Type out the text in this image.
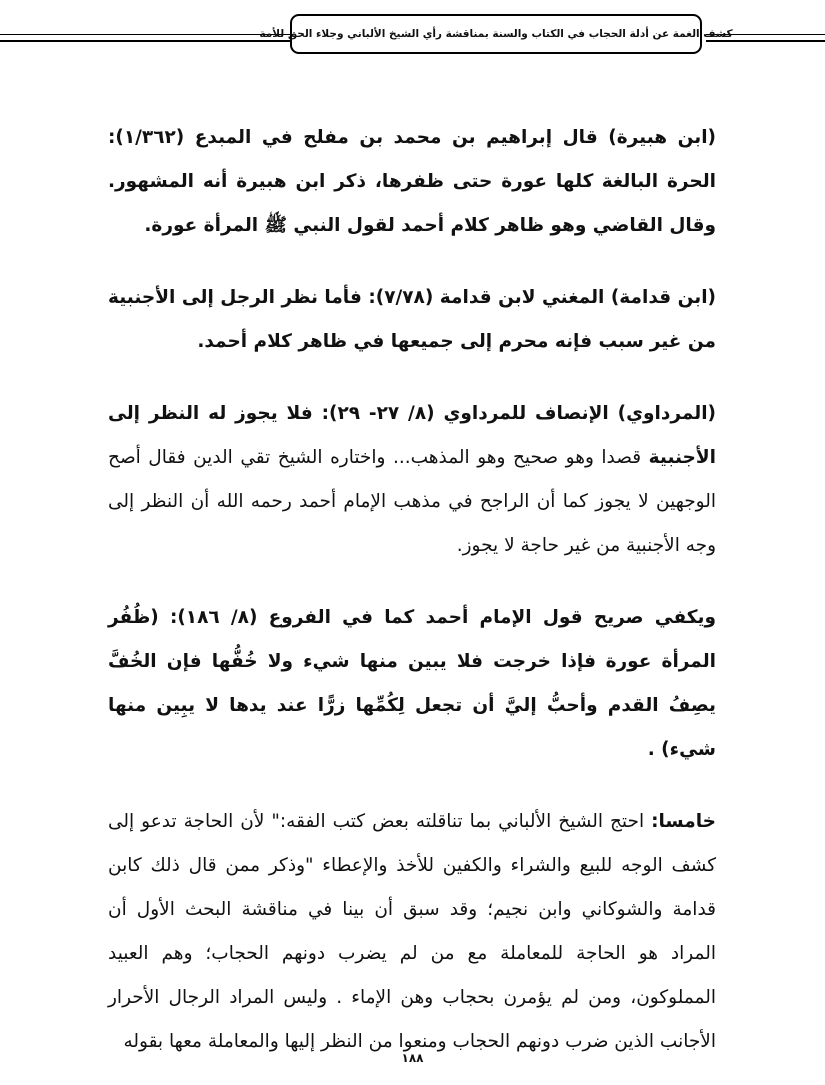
كشف الغمة عن أدلة الحجاب في الكتاب والسنة بمناقشة رأي الشيخ الألباني وجلاء الحق للأمة

(ابن هبيرة) قال إبراهيم بن محمد بن مفلح في المبدع (١/٣٦٢): الحرة البالغة كلها عورة حتى ظفرها، ذكر ابن هبيرة أنه المشهور. وقال القاضي وهو ظاهر كلام أحمد لقول النبي ﷺ المرأة عورة.

(ابن قدامة) المغني لابن قدامة (٧/٧٨): فأما نظر الرجل إلى الأجنبية من غير سبب فإنه محرم إلى جميعها في ظاهر كلام أحمد.

(المرداوي) الإنصاف للمرداوي (٨/ ٢٧- ٢٩): فلا يجوز له النظر إلى الأجنبية قصدا وهو صحيح وهو المذهب... واختاره الشيخ تقي الدين فقال أصح الوجهين لا يجوز كما أن الراجح في مذهب الإمام أحمد رحمه الله أن النظر إلى وجه الأجنبية من غير حاجة لا يجوز.

ويكفي صريح قول الإمام أحمد كما في الفروع (٨/ ١٨٦): (ظُفُر المرأة عورة فإذا خرجت فلا يبين منها شيء ولا خُفُّها فإن الخُفَّ يصِفُ القدم وأحبُّ إليَّ أن تجعل لِكُمِّها زرًّا عند يدها لا يبِين منها شيء) .

خامسا: احتج الشيخ الألباني بما تناقلته بعض كتب الفقه:" لأن الحاجة تدعو إلى كشف الوجه للبيع والشراء والكفين للأخذ والإعطاء "وذكر ممن قال ذلك كابن قدامة والشوكاني وابن نجيم؛ وقد سبق أن بينا في مناقشة البحث الأول أن المراد هو الحاجة للمعاملة مع من لم يضرب دونهم الحجاب؛ وهم العبيد المملوكون، ومن لم يؤمرن بحجاب وهن الإماء . وليس المراد الرجال الأحرار الأجانب الذين ضرب دونهم الحجاب ومنعوا من النظر إليها والمعاملة معها بقوله

١٨٨
